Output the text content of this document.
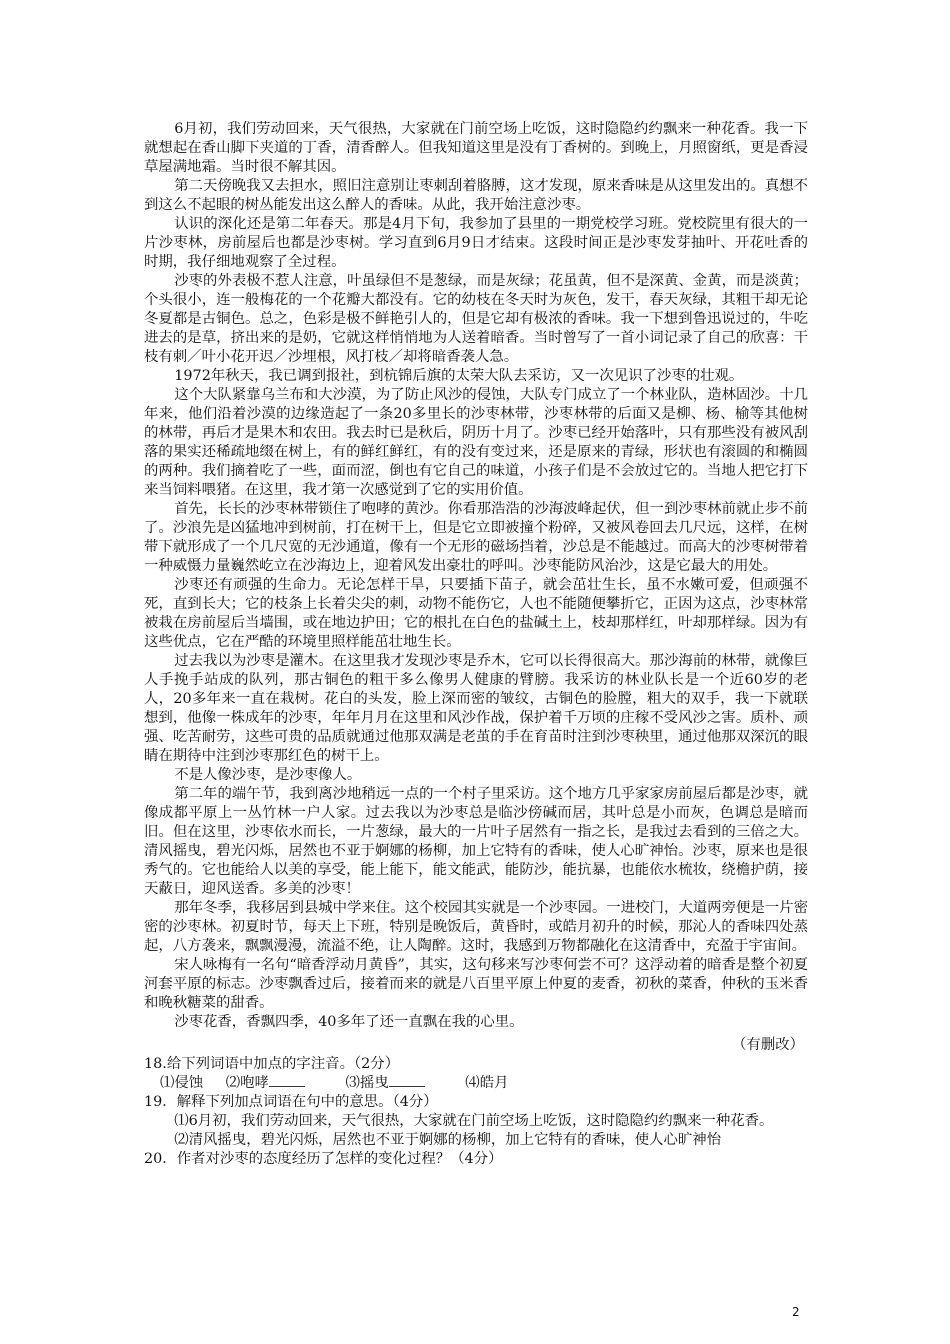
6月初，我们劳动回来，天气很热，大家就在门前空场上吃饭，这时隐隐约约飘来一种花香。我一下就想起在香山脚下夹道的丁香，清香醉人。但我知道这里是没有丁香树的。到晚上，月照窗纸，更是香浸草屋满地霜。当时很不解其因。

第二天傍晚我又去担水，照旧注意别让枣刺刮着胳膊，这才发现，原来香味是从这里发出的。真想不到这么不起眼的树丛能发出这么醉人的香味。从此，我开始注意沙枣。

认识的深化还是第二年春天。那是4月下旬，我参加了县里的一期党校学习班。党校院里有很大的一片沙枣林，房前屋后也都是沙枣树。学习直到6月9日才结束。这段时间正是沙枣发芽抽叶、开花吐香的时期，我仔细地观察了全过程。

沙枣的外表极不惹人注意，叶虽绿但不是葱绿，而是灰绿；花虽黄，但不是深黄、金黄，而是淡黄；个头很小，连一般梅花的一个花瓣大都没有。它的幼枝在冬天时为灰色，发干，春天灰绿，其粗干却无论冬夏都是古铜色。总之，色彩是极不鲜艳引人的，但是它却有极浓的香味。我一下想到鲁迅说过的，牛吃进去的是草，挤出来的是奶，它就这样悄悄地为人送着暗香。当时曾写了一首小词记录了自己的欣喜：干枝有刺／叶小花开迟／沙埋根，风打枝／却将暗香袭人急。

1972年秋天，我已调到报社，到杭锦后旗的太荣大队去采访，又一次见识了沙枣的壮观。

这个大队紧靠乌兰布和大沙漠，为了防止风沙的侵蚀，大队专门成立了一个林业队，造林固沙。十几年来，他们沿着沙漠的边缘造起了一条20多里长的沙枣林带，沙枣林带的后面又是柳、杨、榆等其他树的林带，再后才是果木和农田。我去时已是秋后，阴历十月了。沙枣已经开始落叶，只有那些没有被风刮落的果实还稀疏地缀在树上，有的鲜红鲜红，有的没有变过来，还是原来的青绿，形状也有滚圆的和椭圆的两种。我们摘着吃了一些，面而涩，倒也有它自己的味道，小孩子们是不会放过它的。当地人把它打下来当饲料喂猪。在这里，我才第一次感觉到了它的实用价值。

首先，长长的沙枣林带锁住了咆哮的黄沙。你看那浩浩的沙海波峰起伏，但一到沙枣林前就止步不前了。沙浪先是凶猛地冲到树前，打在树干上，但是它立即被撞个粉碎，又被风卷回去几尺远，这样，在树带下就形成了一个几尺宽的无沙通道，像有一个无形的磁场挡着，沙总是不能越过。而高大的沙枣树带着一种威慑力量巍然屹立在沙海边上，迎着风发出豪壮的呼叫。沙枣能防风治沙，这是它最大的用处。

沙枣还有顽强的生命力。无论怎样干旱，只要插下苗子，就会茁壮生长，虽不水嫩可爱，但顽强不死，直到长大；它的枝条上长着尖尖的刺，动物不能伤它，人也不能随便攀折它，正因为这点，沙枣林常被栽在房前屋后当墙围，或在地边护田；它的根扎在白色的盐碱土上，枝却那样红，叶却那样绿。因为有这些优点，它在严酷的环境里照样能茁壮地生长。

过去我以为沙枣是灌木。在这里我才发现沙枣是乔木，它可以长得很高大。那沙海前的林带，就像巨人手挽手站成的队列，那古铜色的粗干多么像男人健康的臂膀。我采访的林业队长是一个近60岁的老人，20多年来一直在栽树。花白的头发，脸上深而密的皱纹，古铜色的脸膛，粗大的双手，我一下就联想到，他像一株成年的沙枣，年年月月在这里和风沙作战，保护着千万顷的庄稼不受风沙之害。质朴、顽强、吃苦耐劳，这些可贵的品质就通过他那双满是老茧的手在育苗时注到沙枣秧里，通过他那双深沉的眼睛在期待中注到沙枣那红色的树干上。

不是人像沙枣，是沙枣像人。

第二年的端午节，我到离沙地稍远一点的一个村子里采访。这个地方几乎家家房前屋后都是沙枣，就像成都平原上一丛竹林一户人家。过去我以为沙枣总是临沙傍碱而居，其叶总是小而灰，色调总是暗而旧。但在这里，沙枣依水而长，一片葱绿，最大的一片叶子居然有一指之长，是我过去看到的三倍之大。清风摇曳，碧光闪烁，居然也不亚于婀娜的杨柳，加上它特有的香味，使人心旷神怡。沙枣，原来也是很秀气的。它也能给人以美的享受，能上能下，能文能武，能防沙，能抗暴，也能依水梳妆，绕檐护荫，接天蔽日，迎风送香。多美的沙枣！

那年冬季，我移居到县城中学来住。这个校园其实就是一个沙枣园。一进校门，大道两旁便是一片密密的沙枣林。初夏时节，每天上下班，特别是晚饭后，黄昏时，或皓月初升的时候，那沁人的香味四处蒸起，八方袭来，飘飘漫漫，流溢不绝，让人陶醉。这时，我感到万物都融化在这清香中，充盈于宇宙间。

宋人咏梅有一名句“暗香浮动月黄昏”，其实，这句移来写沙枣何尝不可？这浮动着的暗香是整个初夏河套平原的标志。沙枣飘香过后，接着而来的就是八百里平原上仲夏的麦香，初秋的菜香，仲秋的玉米香和晚秋糖菜的甜香。

沙枣花香，香飘四季，40多年了还一直飘在我的心里。

（有删改）

18.给下列词语中加点的字注音。（2分）

⑴侵蚀 ⑵咆哮	⑶摇曳	⑷皓月

19．解释下列加点词语在句中的意思。（4分）

⑴6月初，我们劳动回来，天气很热，大家就在门前空场上吃饭，这时隐隐约约飘来一种花香。

⑵清风摇曳，碧光闪烁，居然也不亚于婀娜的杨柳，加上它特有的香味，使人心旷神怡

20．作者对沙枣的态度经历了怎样的变化过程？（4分）

2
